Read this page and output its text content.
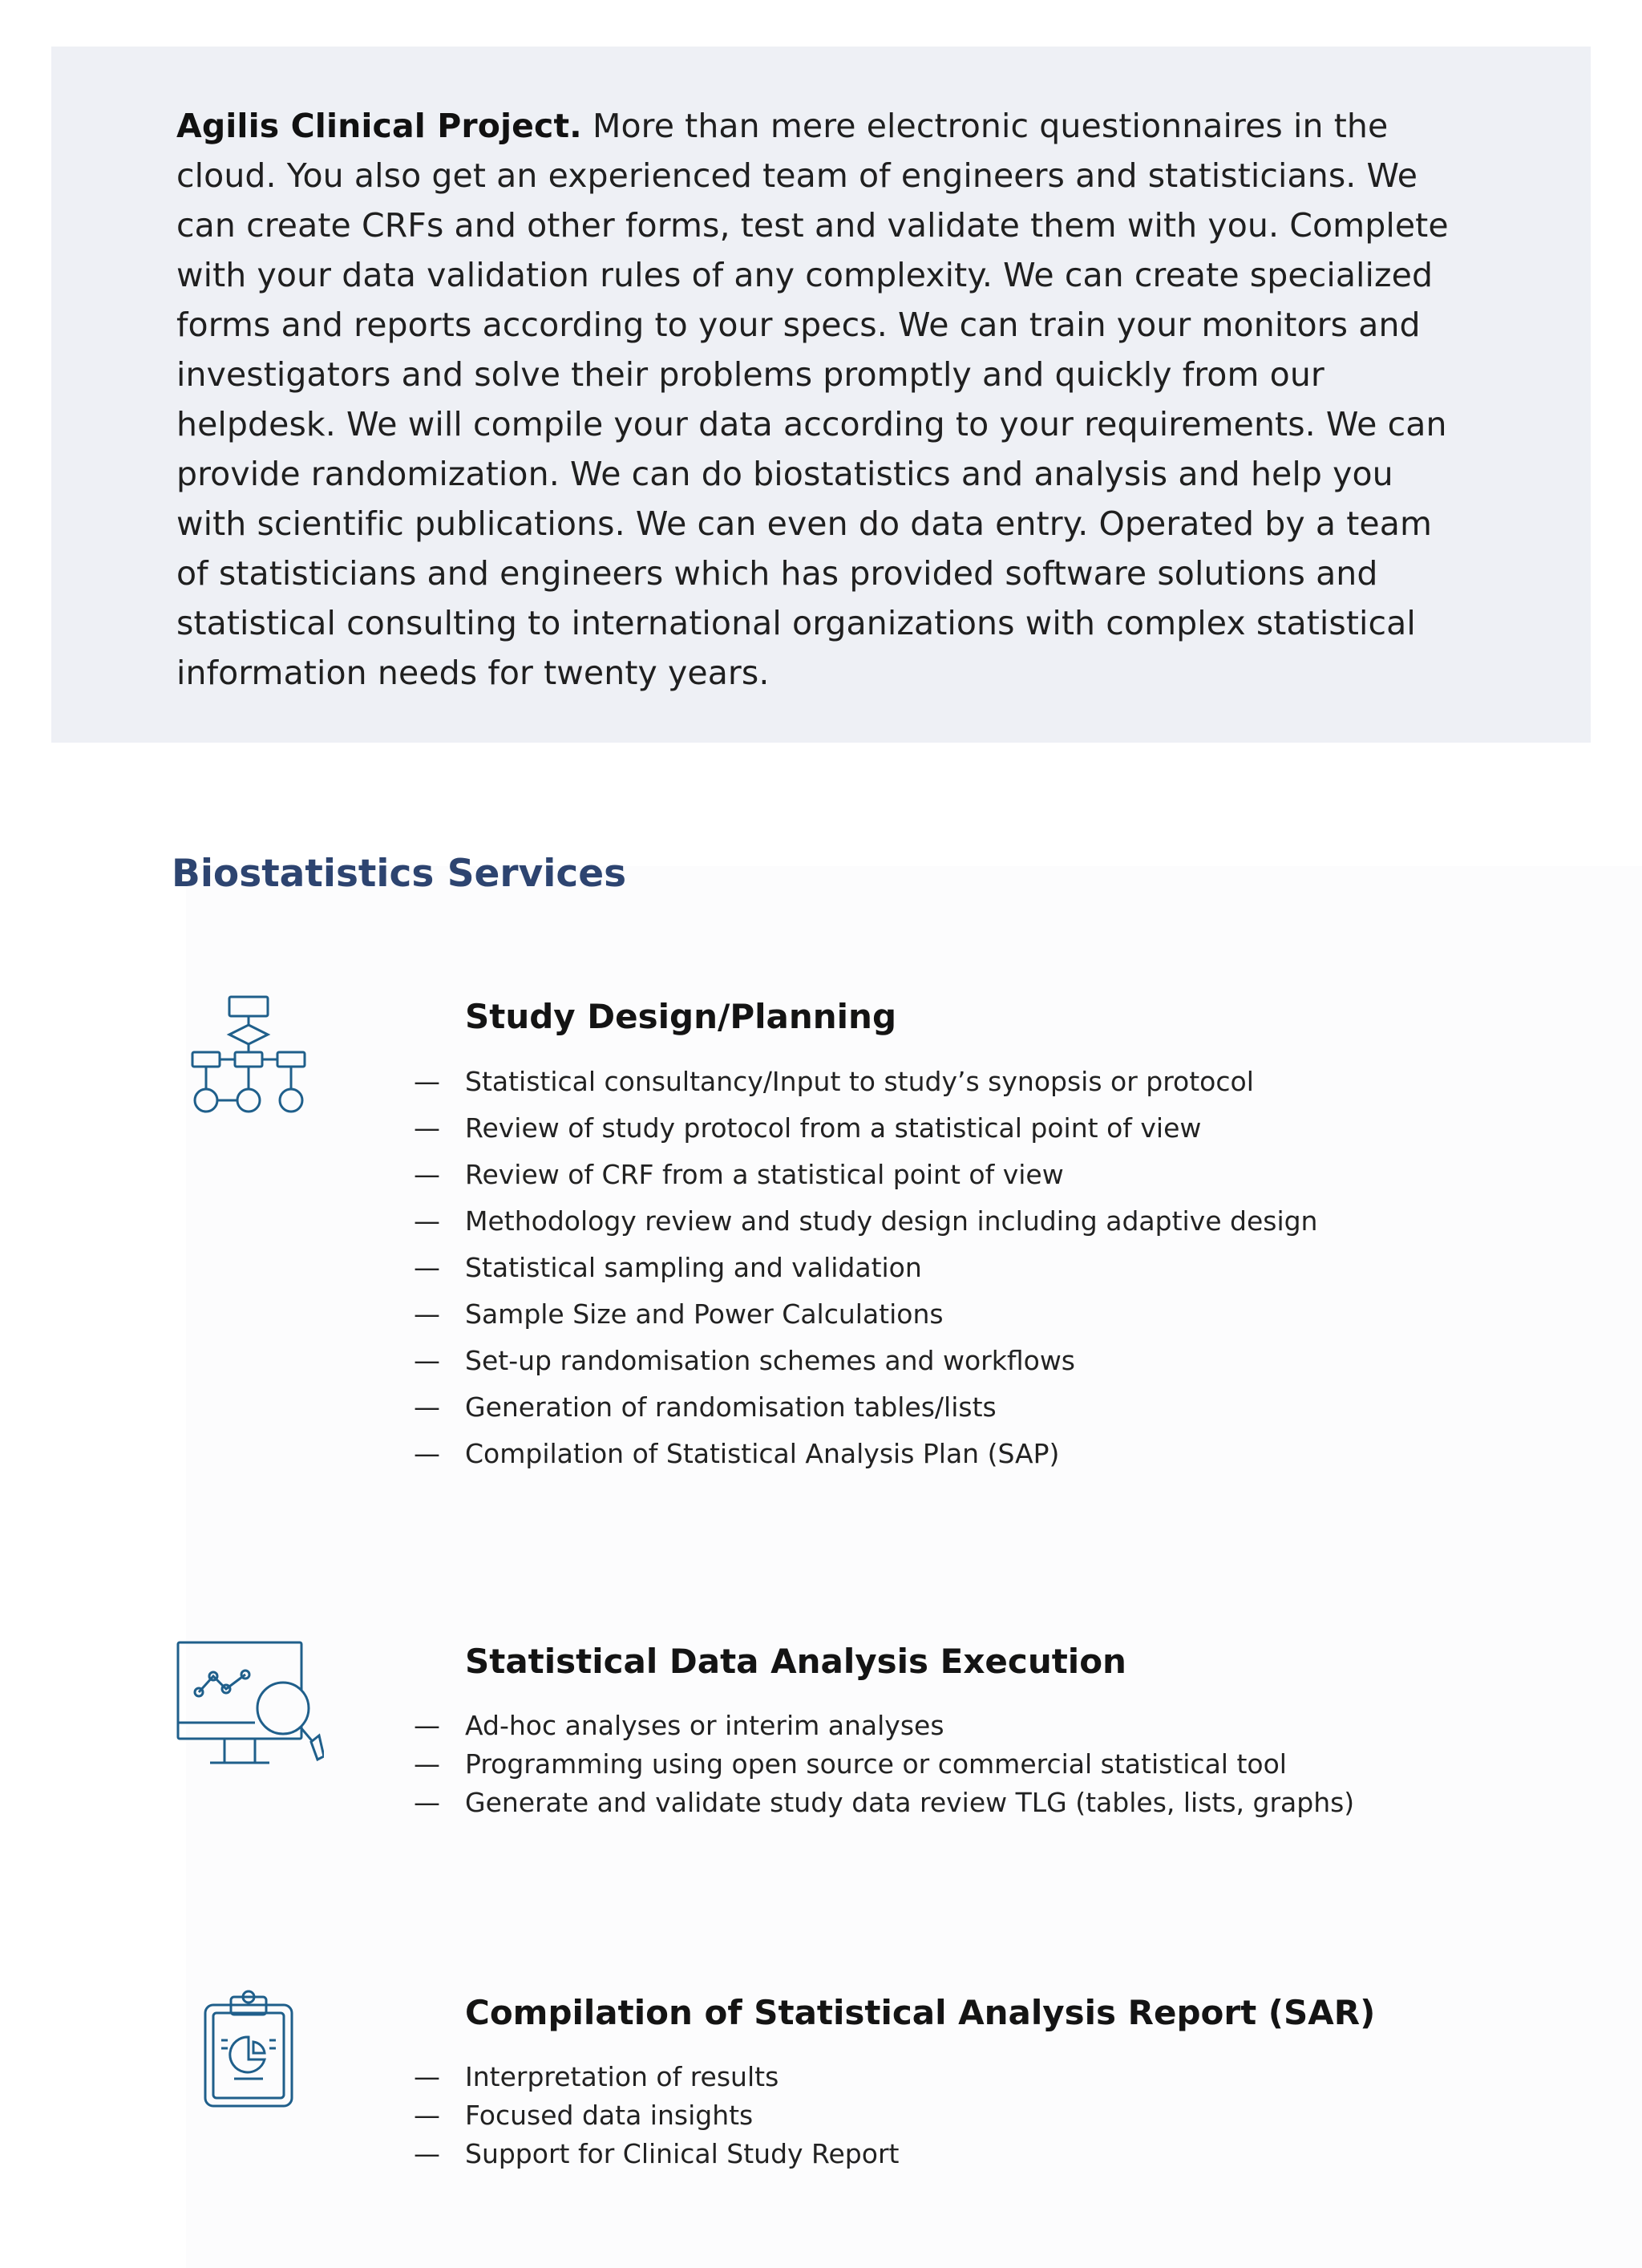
Agilis Clinical Project. More than mere electronic questionnaires in the cloud. You also get an experienced team of engineers and statisticians. We can create CRFs and other forms, test and validate them with you. Complete with your data validation rules of any complexity. We can create specialized forms and reports according to your specs. We can train your monitors and investigators and solve their problems promptly and quickly from our helpdesk. We will compile your data according to your requirements. We can provide randomization. We can do biostatistics and analysis and help you with scientific publications. We can even do data entry. Operated by a team of statisticians and engineers which has provided software solutions and statistical consulting to international organizations with complex statistical information needs for twenty years.

Biostatistics Services
Study Design/Planning
— Statistical consultancy/Input to study’s synopsis or protocol
— Review of study protocol from a statistical point of view
— Review of CRF from a statistical point of view
— Methodology review and study design including adaptive design
— Statistical sampling and validation
— Sample Size and Power Calculations
— Set-up randomisation schemes and workflows
— Generation of randomisation tables/lists
— Compilation of Statistical Analysis Plan (SAP)
Statistical Data Analysis Execution
— Ad-hoc analyses or interim analyses
— Programming using open source or commercial statistical tool
— Generate and validate study data review TLG (tables, lists, graphs)
Compilation of Statistical Analysis Report (SAR)
— Interpretation of results
— Focused data insights
— Support for Clinical Study Report
